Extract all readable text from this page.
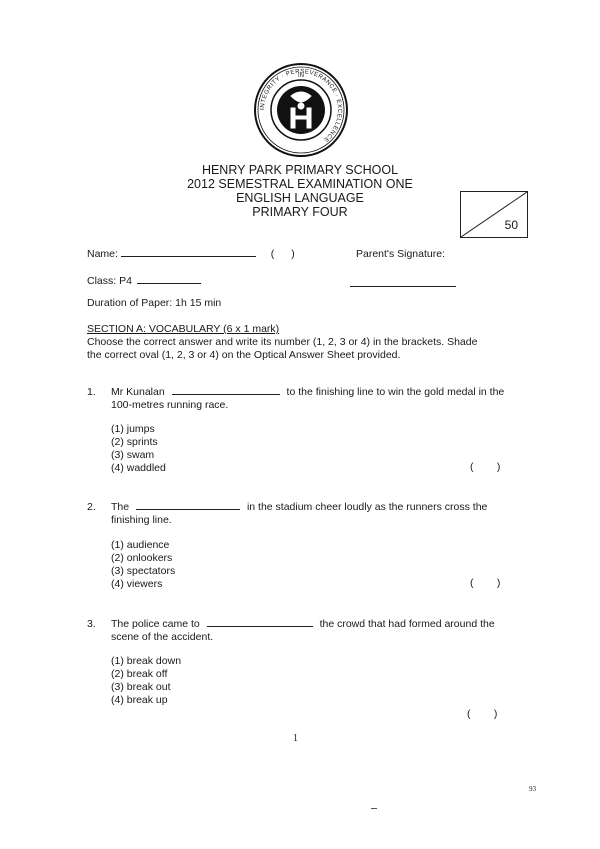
INTEGRITY · PERSEVERANCE · EXCELLENCE
IN
HENRY PARK PRIMARY SCHOOL
2012 SEMESTRAL EXAMINATION ONE
ENGLISH LANGUAGE
PRIMARY FOUR
50
Name:	( )	Parent's Signature:
Class: P4
Duration of Paper: 1h 15 min
SECTION A: VOCABULARY (6 x 1 mark)
Choose the correct answer and write its number (1, 2, 3 or 4) in the brackets. Shade
the correct oval (1, 2, 3 or 4) on the Optical Answer Sheet provided.
1. Mr Kunalan	to the finishing line to win the gold medal in the
100-metres running race.
(1) jumps
(2) sprints
(3) swam
(4) waddled	(        )
2. The	in the stadium cheer loudly as the runners cross the
finishing line.
(1) audience
(2) onlookers
(3) spectators
(4) viewers	(        )
3. The police came to	the crowd that had formed around the
scene of the accident.
(1) break down
(2) break off
(3) break out
(4) break up
(        )
1
93
